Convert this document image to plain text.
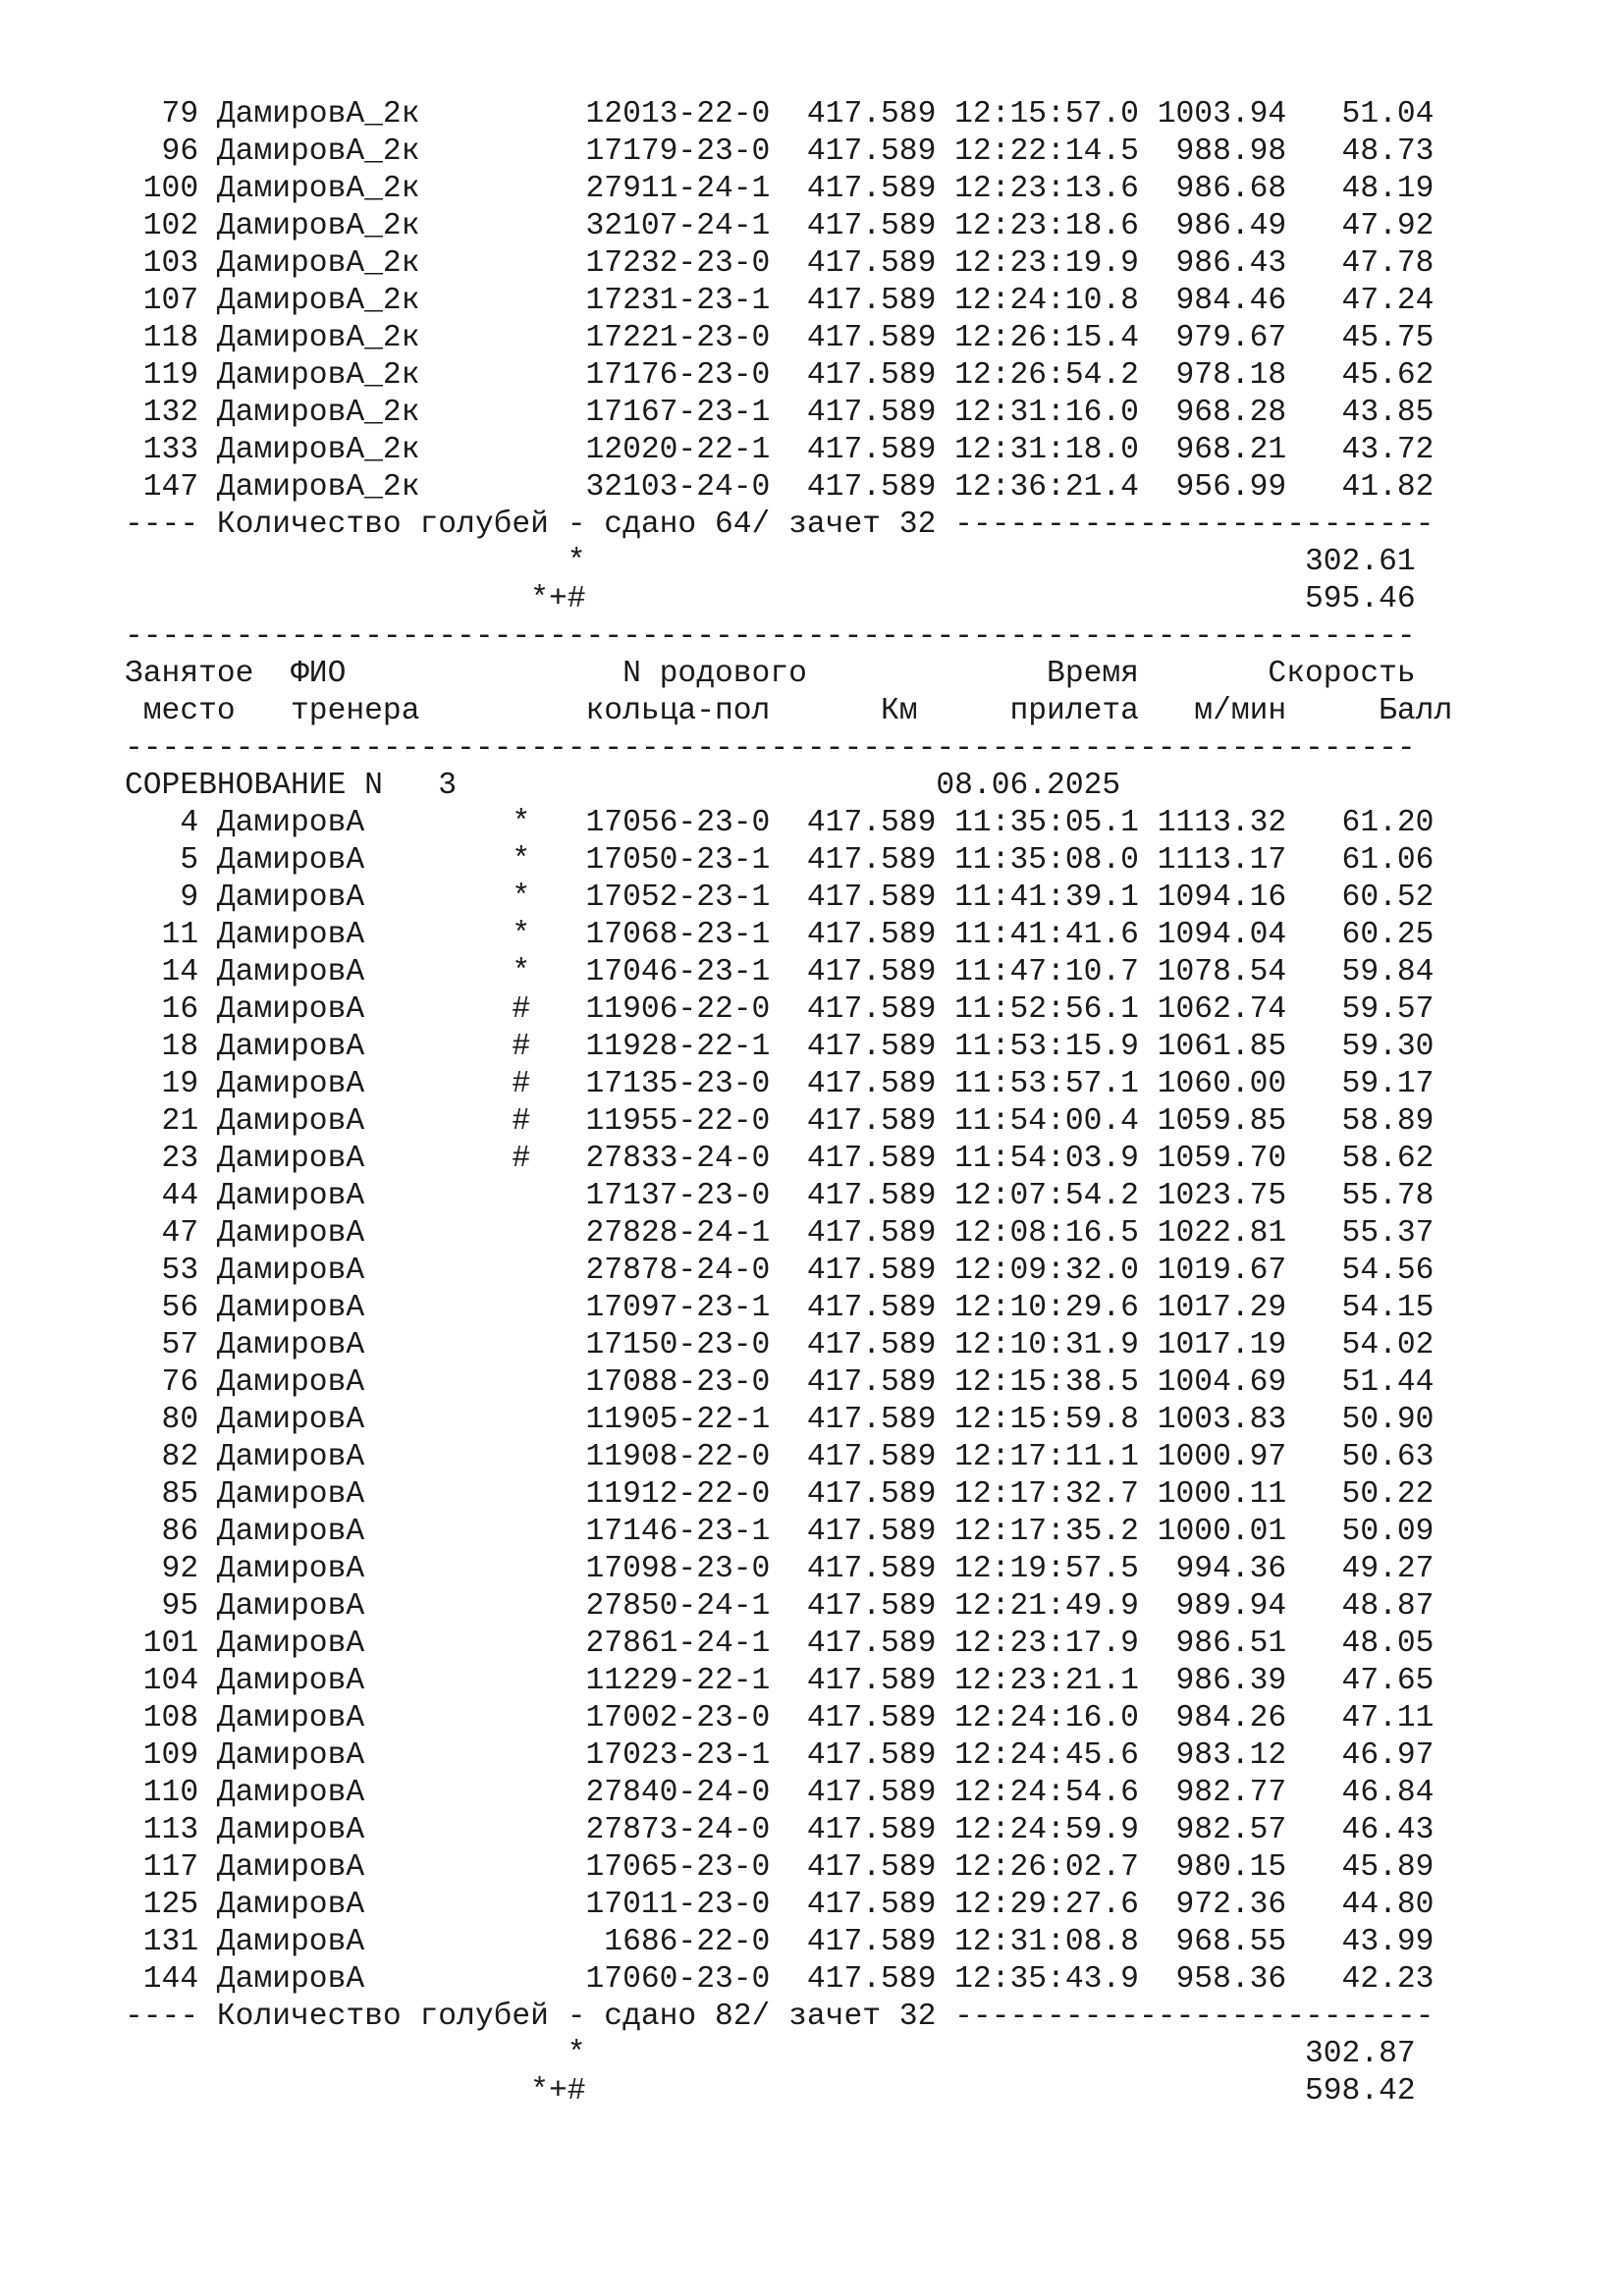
79 ДамировА_2к         12013-22-0  417.589 12:15:57.0 1003.94   51.04
96 ДамировА_2к         17179-23-0  417.589 12:22:14.5  988.98   48.73
100 ДамировА_2к         27911-24-1  417.589 12:23:13.6  986.68   48.19
102 ДамировА_2к         32107-24-1  417.589 12:23:18.6  986.49   47.92
103 ДамировА_2к         17232-23-0  417.589 12:23:19.9  986.43   47.78
107 ДамировА_2к         17231-23-1  417.589 12:24:10.8  984.46   47.24
118 ДамировА_2к         17221-23-0  417.589 12:26:15.4  979.67   45.75
119 ДамировА_2к         17176-23-0  417.589 12:26:54.2  978.18   45.62
132 ДамировА_2к         17167-23-1  417.589 12:31:16.0  968.28   43.85
133 ДамировА_2к         12020-22-1  417.589 12:31:18.0  968.21   43.72
147 ДамировА_2к         32103-24-0  417.589 12:36:21.4  956.99   41.82
---- Количество голубей - сдано 64/ зачет 32 --------------------------
*                                       302.61
*+#                                       595.46
----------------------------------------------------------------------
Занятое  ФИО               N родового             Время       Скорость
место   тренера         кольца-пол      Км     прилета   м/мин     Балл
----------------------------------------------------------------------
СОРЕВНОВАНИЕ N 3	08.06.2025
4 ДамировА        *   17056-23-0  417.589 11:35:05.1 1113.32   61.20
5 ДамировА        *   17050-23-1  417.589 11:35:08.0 1113.17   61.06
9 ДамировА        *   17052-23-1  417.589 11:41:39.1 1094.16   60.52
11 ДамировА        *   17068-23-1  417.589 11:41:41.6 1094.04   60.25
14 ДамировА        *   17046-23-1  417.589 11:47:10.7 1078.54   59.84
16 ДамировА        #   11906-22-0  417.589 11:52:56.1 1062.74   59.57
18 ДамировА        #   11928-22-1  417.589 11:53:15.9 1061.85   59.30
19 ДамировА        #   17135-23-0  417.589 11:53:57.1 1060.00   59.17
21 ДамировА        #   11955-22-0  417.589 11:54:00.4 1059.85   58.89
23 ДамировА        #   27833-24-0  417.589 11:54:03.9 1059.70   58.62
44 ДамировА            17137-23-0  417.589 12:07:54.2 1023.75   55.78
47 ДамировА            27828-24-1  417.589 12:08:16.5 1022.81   55.37
53 ДамировА            27878-24-0  417.589 12:09:32.0 1019.67   54.56
56 ДамировА            17097-23-1  417.589 12:10:29.6 1017.29   54.15
57 ДамировА            17150-23-0  417.589 12:10:31.9 1017.19   54.02
76 ДамировА            17088-23-0  417.589 12:15:38.5 1004.69   51.44
80 ДамировА            11905-22-1  417.589 12:15:59.8 1003.83   50.90
82 ДамировА            11908-22-0  417.589 12:17:11.1 1000.97   50.63
85 ДамировА            11912-22-0  417.589 12:17:32.7 1000.11   50.22
86 ДамировА            17146-23-1  417.589 12:17:35.2 1000.01   50.09
92 ДамировА            17098-23-0  417.589 12:19:57.5  994.36   49.27
95 ДамировА            27850-24-1  417.589 12:21:49.9  989.94   48.87
101 ДамировА            27861-24-1  417.589 12:23:17.9  986.51   48.05
104 ДамировА            11229-22-1  417.589 12:23:21.1  986.39   47.65
108 ДамировА            17002-23-0  417.589 12:24:16.0  984.26   47.11
109 ДамировА            17023-23-1  417.589 12:24:45.6  983.12   46.97
110 ДамировА            27840-24-0  417.589 12:24:54.6  982.77   46.84
113 ДамировА            27873-24-0  417.589 12:24:59.9  982.57   46.43
117 ДамировА            17065-23-0  417.589 12:26:02.7  980.15   45.89
125 ДамировА            17011-23-0  417.589 12:29:27.6  972.36   44.80
131 ДамировА             1686-22-0  417.589 12:31:08.8  968.55   43.99
144 ДамировА            17060-23-0  417.589 12:35:43.9  958.36   42.23
---- Количество голубей - сдано 82/ зачет 32 --------------------------
*                                       302.87
*+#                                       598.42
